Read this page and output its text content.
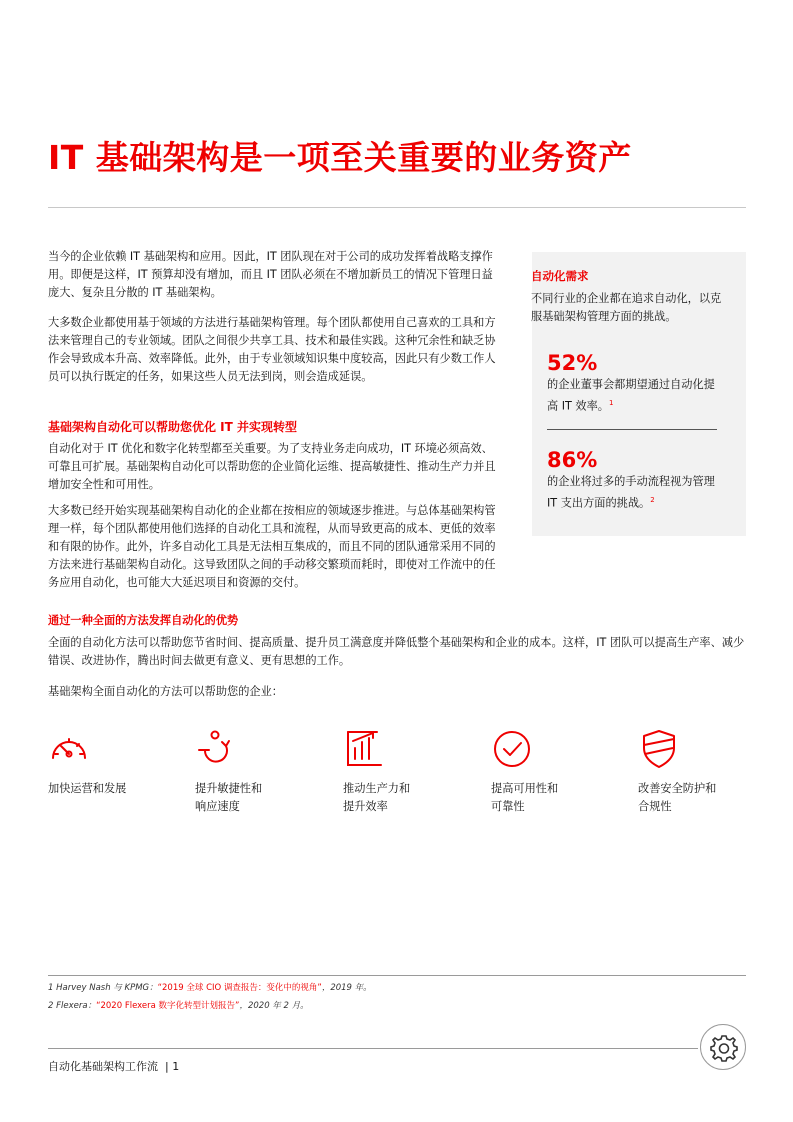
IT 基础架构是一项至关重要的业务资产
自动化需求
不同行业的企业都在追求自动化，以克服基础架构管理方面的挑战。
52%
的企业董事会都期望通过自动化提高 IT 效率。$^1$
86%
的企业将过多的手动流程视为管理 IT 支出方面的挑战。$^2$

当今的企业依赖 IT 基础架构和应用。因此，IT 团队现在对于公司的成功发挥着战略支撑作用。即便是这样，IT 预算却没有增加，而且 IT 团队必须在不增加新员工的情况下管理日益庞大、复杂且分散的 IT 基础架构。

大多数企业都使用基于领域的方法进行基础架构管理。每个团队都使用自己喜欢的工具和方法来管理自己的专业领域。团队之间很少共享工具、技术和最佳实践。这种冗余性和缺乏协作会导致成本升高、效率降低。此外，由于专业领域知识集中度较高，因此只有少数工作人员可以执行既定的任务，如果这些人员无法到岗，则会造成延误。

基础架构自动化可以帮助您优化 IT 并实现转型

自动化对于 IT 优化和数字化转型都至关重要。为了支持业务走向成功，IT 环境必须高效、可靠且可扩展。基础架构自动化可以帮助您的企业简化运维、提高敏捷性、推动生产力并且增加安全性和可用性。

大多数已经开始实现基础架构自动化的企业都在按相应的领域逐步推进。与总体基础架构管理一样，每个团队都使用他们选择的自动化工具和流程，从而导致更高的成本、更低的效率和有限的协作。此外，许多自动化工具是无法相互集成的，而且不同的团队通常采用不同的方法来进行基础架构自动化。这导致团队之间的手动移交繁琐而耗时，即使对工作流中的任务应用自动化，也可能大大延迟项目和资源的交付。

通过一种全面的方法发挥自动化的优势

全面的自动化方法可以帮助您节省时间、提高质量、提升员工满意度并降低整个基础架构和企业的成本。这样，IT 团队可以提高生产率、减少错误、改进协作，腾出时间去做更有意义、更有思想的工作。

基础架构全面自动化的方法可以帮助您的企业：

加快运营和发展	提升敏捷性和
响应速度
推动生产力和
提升效率
提高可用性和
可靠性
改善安全防护和
合规性
1 Harvey Nash 与 KPMG：“2019 全球 CIO 调查报告：变化中的视角”，2019 年。
2 Flexera：“2020 Flexera 数字化转型计划报告”，2020 年 2 月。
自动化基础架构工作流 | 1
